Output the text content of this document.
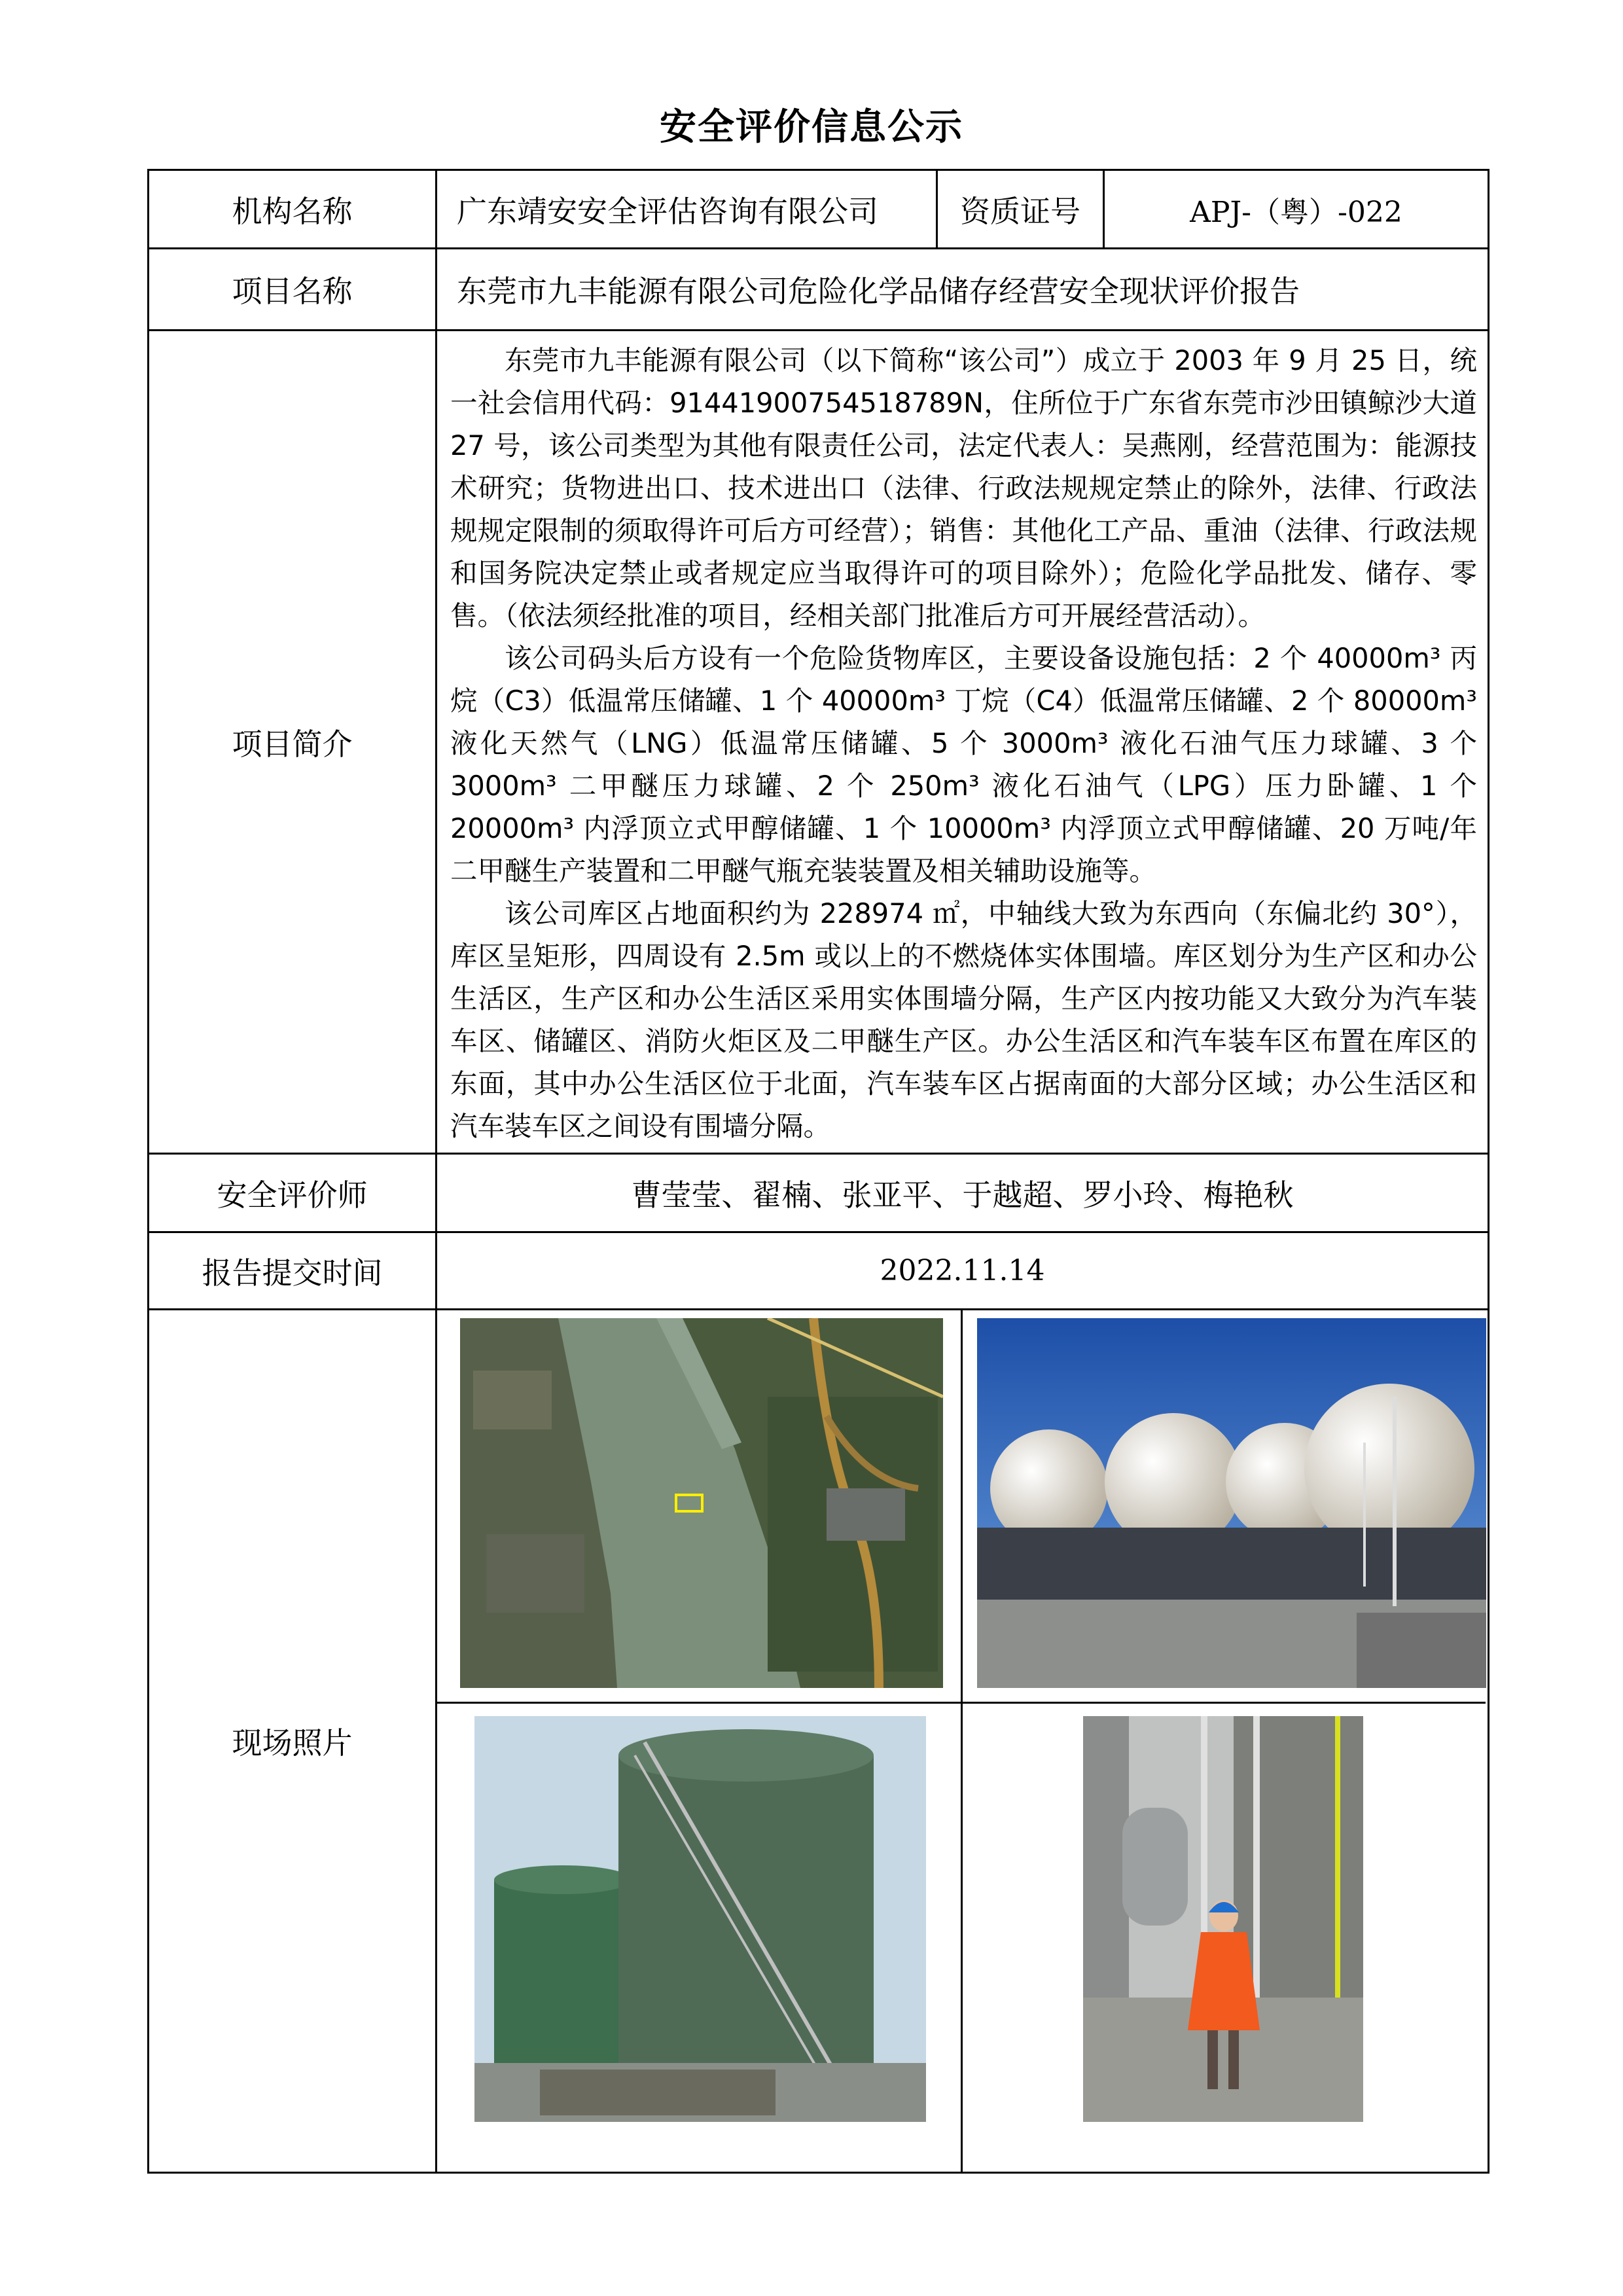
安全评价信息公示
机构名称	广东靖安安全评估咨询有限公司	资质证号	APJ-（粤）-022
项目名称	东莞市九丰能源有限公司危险化学品储存经营安全现状评价报告		
项目简介	东莞市九丰能源有限公司（以下简称“该公司”）成立于 2003 年 9 月 25 日，统一社会信用代码：91441900754518789N，住所位于广东省东莞市沙田镇鲸沙大道 27 号，该公司类型为其他有限责任公司，法定代表人：吴燕刚，经营范围为：能源技术研究；货物进出口、技术进出口（法律、行政法规规定禁止的除外，法律、行政法规规定限制的须取得许可后方可经营）；销售：其他化工产品、重油（法律、行政法规和国务院决定禁止或者规定应当取得许可的项目除外）；危险化学品批发、储存、零售。（依法须经批准的项目，经相关部门批准后方可开展经营活动）。

该公司码头后方设有一个危险货物库区，主要设备设施包括：2 个 40000m³ 丙烷（C3）低温常压储罐、1 个 40000m³ 丁烷（C4）低温常压储罐、2 个 80000m³ 液化天然气（LNG）低温常压储罐、5 个 3000m³ 液化石油气压力球罐、3 个 3000m³ 二甲醚压力球罐、2 个 250m³ 液化石油气（LPG）压力卧罐、1 个 20000m³ 内浮顶立式甲醇储罐、1 个 10000m³ 内浮顶立式甲醇储罐、20 万吨/年二甲醚生产装置和二甲醚气瓶充装装置及相关辅助设施等。

该公司库区占地面积约为 228974 ㎡，中轴线大致为东西向（东偏北约 30°），库区呈矩形，四周设有 2.5m 或以上的不燃烧体实体围墙。库区划分为生产区和办公生活区，生产区和办公生活区采用实体围墙分隔，生产区内按功能又大致分为汽车装车区、储罐区、消防火炬区及二甲醚生产区。办公生活区和汽车装车区布置在库区的东面，其中办公生活区位于北面，汽车装车区占据南面的大部分区域；办公生活区和汽车装车区之间设有围墙分隔。		

安全评价师	曹莹莹、翟楠、张亚平、于越超、罗小玲、梅艳秋		
报告提交时间	2022.11.14		
现场照片	
